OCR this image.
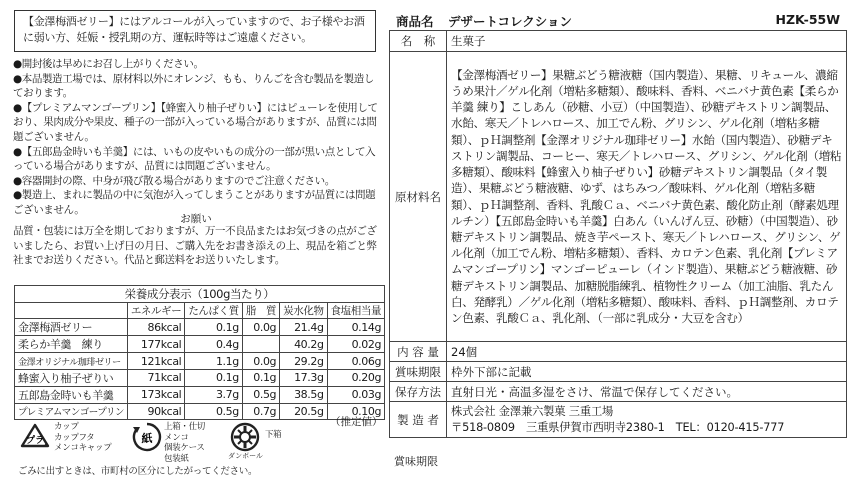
【金澤梅酒ゼリー】にはアルコールが入っていますので、お子様やお酒に弱い方、妊娠・授乳期の方、運転時等はご遠慮ください。

●開封後は早めにお召し上がりください。

●本品製造工場では、原材料以外にオレンジ、もも、りんごを含む製品を製造しております。

●【プレミアムマンゴープリン】【蜂蜜入り柚子ぜりい】にはピューレを使用しており、果肉成分や果皮、種子の一部が入っている場合がありますが、品質には問題ございません。

●【五郎島金時いも羊羹】には、いもの皮やいもの成分の一部が黒い点として入っている場合がありますが、品質には問題ございません。

●容器開封の際、中身が飛び散る場合がありますのでご注意ください。

●製造上、まれに製品の中に気泡が入ってしまうことがありますが品質には問題ございません。

お願い
品質・包装には万全を期しておりますが、万一不良品またはお気づきの点がございましたら、お買い上げ日の月日、ご購入先をお書き添えの上、現品を箱ごと弊社までお送りください。代品と郵送料をお送りいたします。
栄養成分表示（100g当たり）					
	エネルギー	たんぱく質	脂　質	炭水化物	食塩相当量
金澤梅酒ゼリー	86kcal	0.1g	0.0g	21.4g	0.14g
柔らか羊羹　練り	177kcal	0.4g		40.2g	0.02g
金澤オリジナル珈琲ゼリー	121kcal	1.1g	0.0g	29.2g	0.06g
蜂蜜入り柚子ぜりい	71kcal	0.1g	0.1g	17.3g	0.20g
五郎島金時いも羊羹	173kcal	3.7g	0.5g	38.5g	0.03g
プレミアムマンゴープリン	90kcal	0.5g	0.7g	20.5g	0.10g
（推定値）
プラ
カップ
カップフタ
メンコキャップ
紙
上箱・仕切
メンコ
個装ケース
包装紙	ダンボール
下箱
ごみに出すときは、市町村の区分にしたがってください。
商品名 デザートコレクション	HZK-55W
名　称	生菓子
原材料名	【金澤梅酒ゼリー】果糖ぶどう糖液糖（国内製造）、果糖、リキュール、濃縮うめ果汁／ゲル化剤（増粘多糖類）、酸味料、香料、ベニバナ黄色素【柔らか羊羹 練り】こしあん（砂糖、小豆）（中国製造）、砂糖デキストリン調製品、水飴、寒天／トレハロース、加工でん粉、グリシン、ゲル化剤（増粘多糖類）、ｐＨ調整剤【金澤オリジナル珈琲ゼリー】水飴（国内製造）、砂糖デキストリン調製品、コーヒー、寒天／トレハロース、グリシン、ゲル化剤（増粘多糖類）、酸味料【蜂蜜入り柚子ぜりい】砂糖デキストリン調製品（タイ製造）、果糖ぶどう糖液糖、ゆず、はちみつ／酸味料、ゲル化剤（増粘多糖類）、ｐＨ調整剤、香料、乳酸Ｃａ、ベニバナ黄色素、酸化防止剤（酵素処理ルチン）【五郎島金時いも羊羹】白あん（いんげん豆、砂糖）（中国製造）、砂糖デキストリン調製品、焼き芋ペースト、寒天／トレハロース、グリシン、ゲル化剤（加工でん粉、増粘多糖類）、香料、カロテン色素、乳化剤【プレミアムマンゴープリン】マンゴーピューレ（インド製造）、果糖ぶどう糖液糖、砂糖デキストリン調製品、加糖脱脂練乳、植物性クリーム（加工油脂、乳たん白、発酵乳）／ゲル化剤（増粘多糖類）、酸味料、香料、ｐＨ調整剤、カロテン色素、乳酸Ｃａ、乳化剤、（一部に乳成分・大豆を含む）
内 容 量	24個
賞味期限	枠外下部に記載
保存方法	直射日光・高温多湿をさけ、常温で保存してください。
製 造 者	株式会社 金澤兼六製菓 三重工場
〒518-0809　三重県伊賀市西明寺2380-1　TEL：0120-415-777
賞味期限
